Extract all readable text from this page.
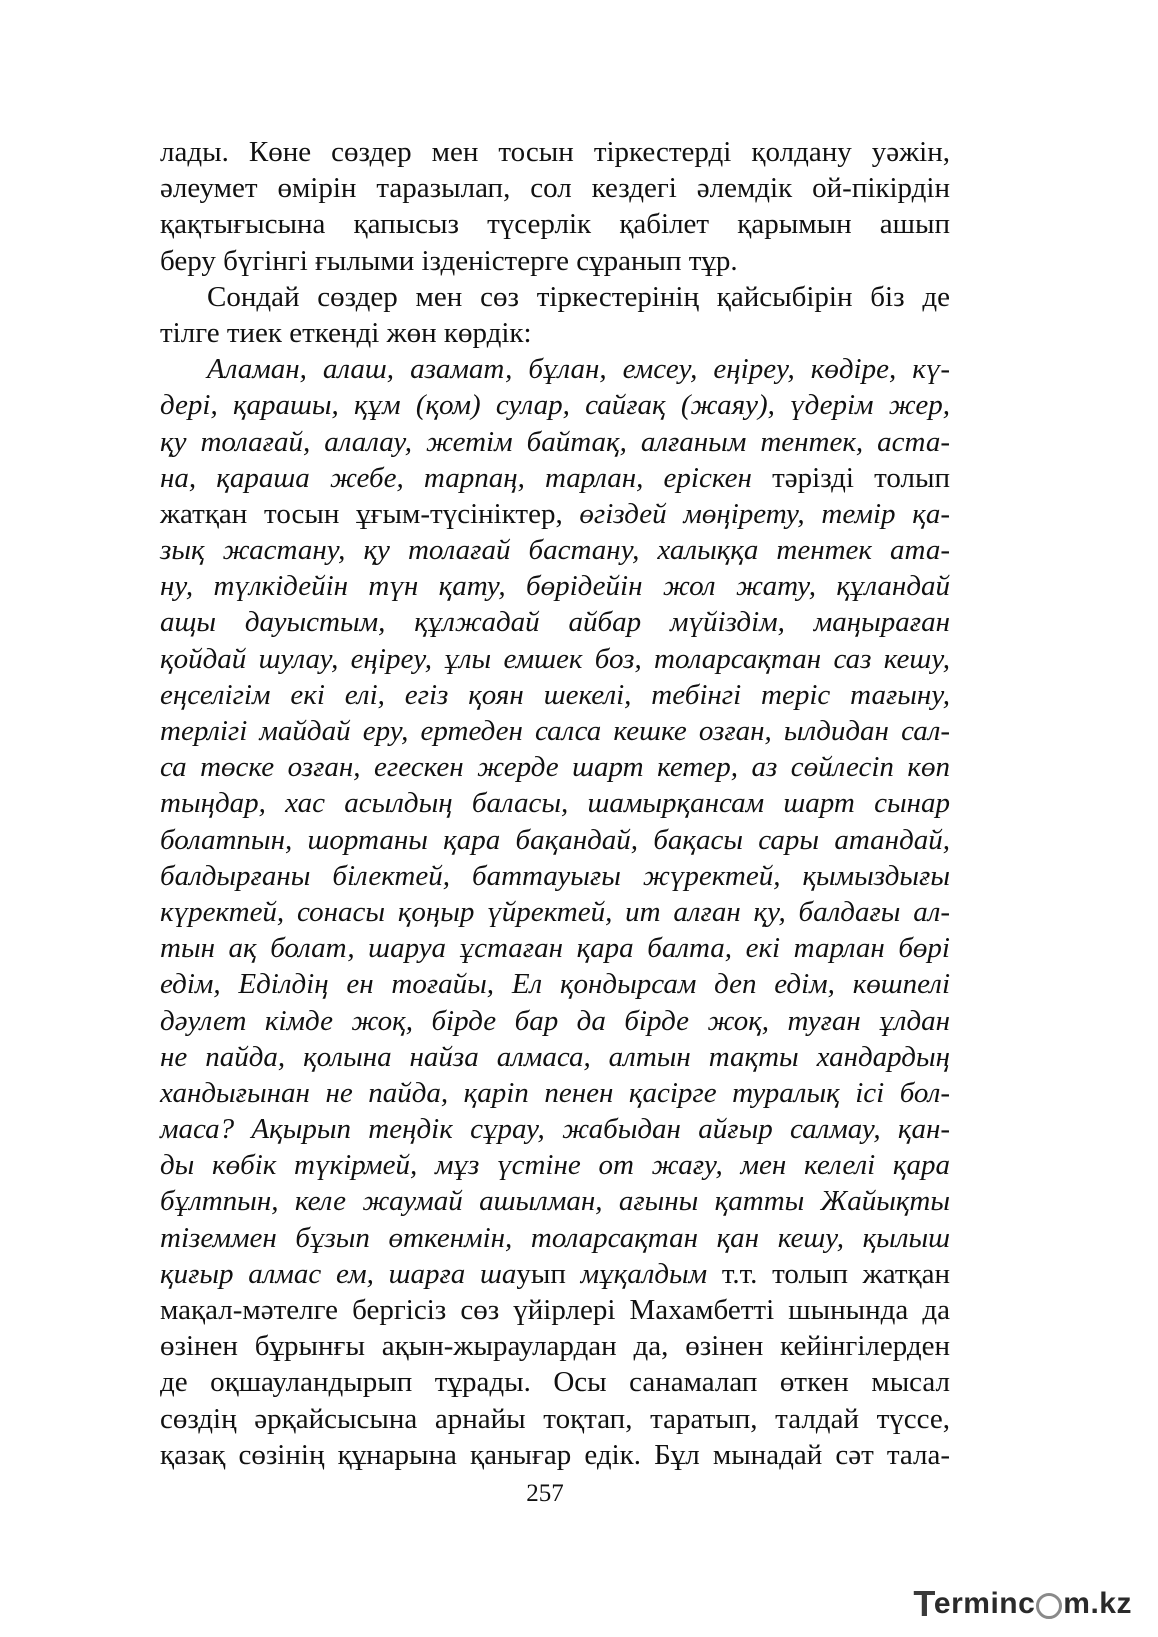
лады. Көне сөздер мен тосын тіркестерді қолдану уәжін,
әлеумет өмірін таразылап, сол кездегі әлемдік ой-пікірдін
қақтығысына қапысыз түсерлік қабілет қарымын ашып
беру бүгінгі ғылыми ізденістерге сұранып тұр.
Сондай сөздер мен сөз тіркестерінің қайсыбірін біз де
тілге тиек еткенді жөн көрдік:
Аламан, алаш, азамат, бұлан, емсеу, еңіреу, көдіре, кү-
дері, қарашы, құм (қом) сулар, сайғақ (жаяу), үдерім жер,
қу толағай, алалау, жетім байтақ, алғаным тентек, аста-
на, қараша жебе, тарпаң, тарлан, ерiскен тәрізді толып
жатқан тосын ұғым-түсініктер, өгіздей мөңірету, темір қа-
зық жастану, қу толағай бастану, халыққа тентек ата-
ну, түлкідейін түн қату, бөрідейін жол жату, құландай
ащы дауыстым, құлжадай айбар мүйіздім, маңыраған
қойдай шулау, еңіреу, ұлы емшек боз, толарсақтан саз кешу,
еңселігім екі елі, егіз қоян шекелі, тебінгі теріс тағыну,
терлігі майдай еру, ертеден салса кешке озған, ылдидан сал-
са төске озған, егескен жерде шарт кетер, аз сөйлесіп көп
тыңдар, хас асылдың баласы, шамырқансам шарт сынар
болатпын, шортаны қара бақандай, бақасы сары атандай,
балдырғаны білектей, баттауығы жүректей, қымыздығы
күректей, сонасы қоңыр үйректей, ит алған қу, балдағы ал-
тын ақ болат, шаруа ұстаған қара балта, екі тарлан бөрі
едім, Еділдің ен тоғайы, Ел қондырсам деп едім, көшпелі
дәулет кімде жоқ, бірде бар да бірде жоқ, туған ұлдан
не пайда, қолына найза алмаса, алтын тақты хандардың
хандығынан не пайда, қаріп пенен қасірге туралық ісі бол-
маса? Ақырып теңдік сұрау, жабыдан айғыр салмау, қан-
ды көбік түкірмей, мұз үстіне от жағу, мен келелі қара
бұлтпын, келе жаумай ашылман, ағыны қатты Жайықты
тіземмен бұзып өткенмін, толарсақтан қан кешу, қылыш
қиғыр алмас ем, шарға шауып мұқалдым т.т. толып жатқан
мақал-мәтелге бергісіз сөз үйірлері Махамбетті шынында да
өзінен бұрынғы ақын-жыраулардан да, өзінен кейінгілерден
де оқшауландырып тұрады. Осы санамалап өткен мысал
сөздің әрқайсысына арнайы тоқтап, таратып, талдай түссе,
қазақ сөзінің құнарына қанығар едік. Бұл мынадай сәт тала-
257
T
erminc m.kz
